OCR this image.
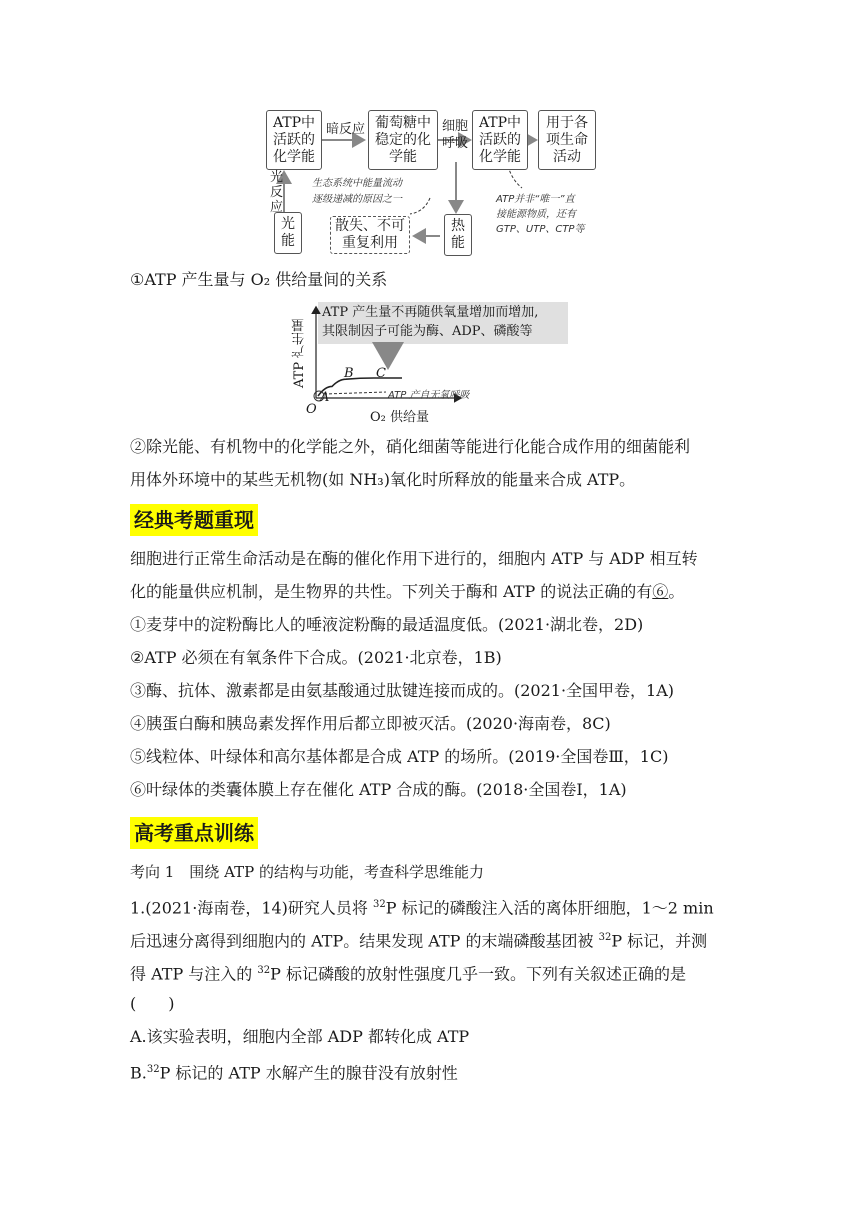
ATP中
活跃的
化学能
葡萄糖中
稳定的化
学能
ATP中
活跃的
化学能
用于各
项生命
活动
光
能
散失、不可
重复利用
热
能
暗反应	细胞
呼吸
光
反
应
生态系统中能量流动
逐级递减的原因之一	ATP并非“唯一”直
接能源物质，还有
GTP、UTP、CTP等
①ATP 产生量与 O₂ 供给量间的关系
ATP 产生量不再随供氧量增加而增加,
其限制因子可能为酶、ADP、磷酸等
ATP 产生量
A
B C
O
ATP 产自无氧呼吸
O₂ 供给量
②除光能、有机物中的化学能之外，硝化细菌等能进行化能合成作用的细菌能利
用体外环境中的某些无机物(如 NH₃)氧化时所释放的能量来合成 ATP。
经典考题重现
细胞进行正常生命活动是在酶的催化作用下进行的，细胞内 ATP 与 ADP 相互转
化的能量供应机制，是生物界的共性。下列关于酶和 ATP 的说法正确的有⑥。
①麦芽中的淀粉酶比人的唾液淀粉酶的最适温度低。(2021·湖北卷，2D)
②ATP 必须在有氧条件下合成。(2021·北京卷，1B)
③酶、抗体、激素都是由氨基酸通过肽键连接而成的。(2021·全国甲卷，1A)
④胰蛋白酶和胰岛素发挥作用后都立即被灭活。(2020·海南卷，8C)
⑤线粒体、叶绿体和高尔基体都是合成 ATP 的场所。(2019·全国卷Ⅲ，1C)
⑥叶绿体的类囊体膜上存在催化 ATP 合成的酶。(2018·全国卷Ⅰ，1A)
高考重点训练
考向 1　围绕 ATP 的结构与功能，考查科学思维能力
1.(2021·海南卷，14)研究人员将 $^{32}$P 标记的磷酸注入活的离体肝细胞，1～2 min
后迅速分离得到细胞内的 ATP。结果发现 ATP 的末端磷酸基团被 $^{32}$P 标记，并测
得 ATP 与注入的 $^{32}$P 标记磷酸的放射性强度几乎一致。下列有关叙述正确的是
(　　)
A.该实验表明，细胞内全部 ADP 都转化成 ATP
B.$^{32}$P 标记的 ATP 水解产生的腺苷没有放射性
